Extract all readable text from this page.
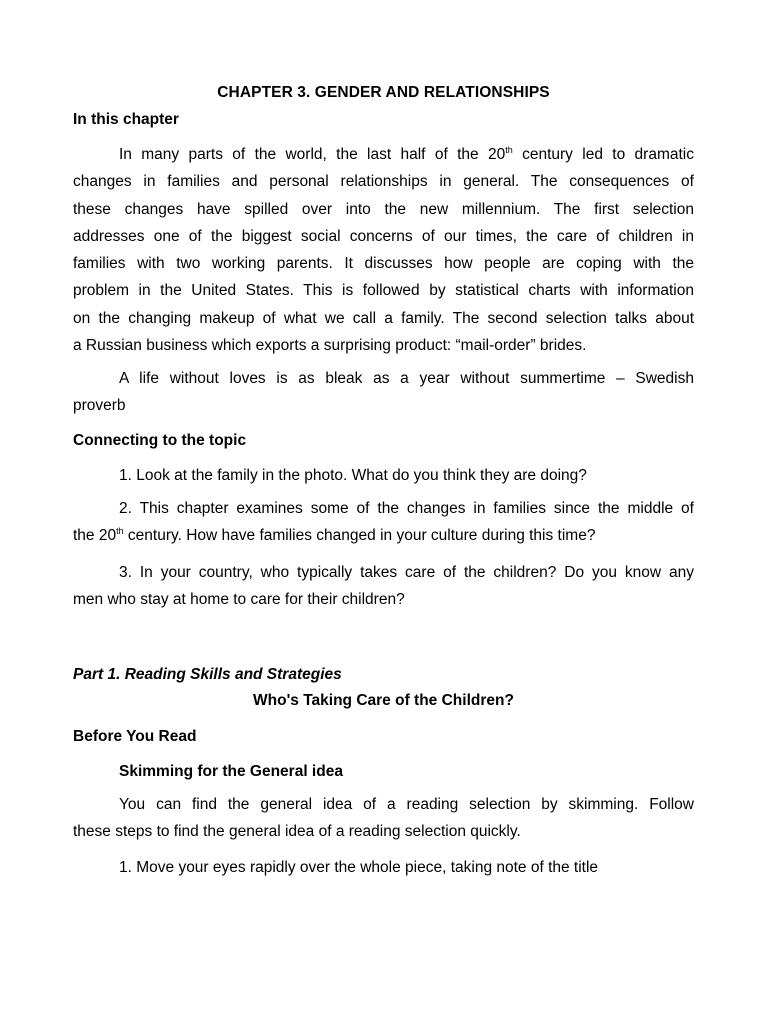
CHAPTER 3. GENDER AND RELATIONSHIPS
In this chapter
In many parts of the world, the last half of the 20th century led to dramatic
changes in families and personal relationships in general. The consequences of
these changes have spilled over into the new millennium. The first selection
addresses one of the biggest social concerns of our times, the care of children in
families with two working parents. It discusses how people are coping with the
problem in the United States. This is followed by statistical charts with information
on the changing makeup of what we call a family. The second selection talks about
a Russian business which exports a surprising product: “mail-order” brides.
A life without loves is as bleak as a year without summertime – Swedish
proverb
Connecting to the topic
1. Look at the family in the photo. What do you think they are doing?
2. This chapter examines some of the changes in families since the middle of
the 20th century. How have families changed in your culture during this time?
3. In your country, who typically takes care of the children? Do you know any
men who stay at home to care for their children?
Part 1. Reading Skills and Strategies
Who's Taking Care of the Children?
Before You Read
Skimming for the General idea
You can find the general idea of a reading selection by skimming. Follow
these steps to find the general idea of a reading selection quickly.
1. Move your eyes rapidly over the whole piece, taking note of the title
